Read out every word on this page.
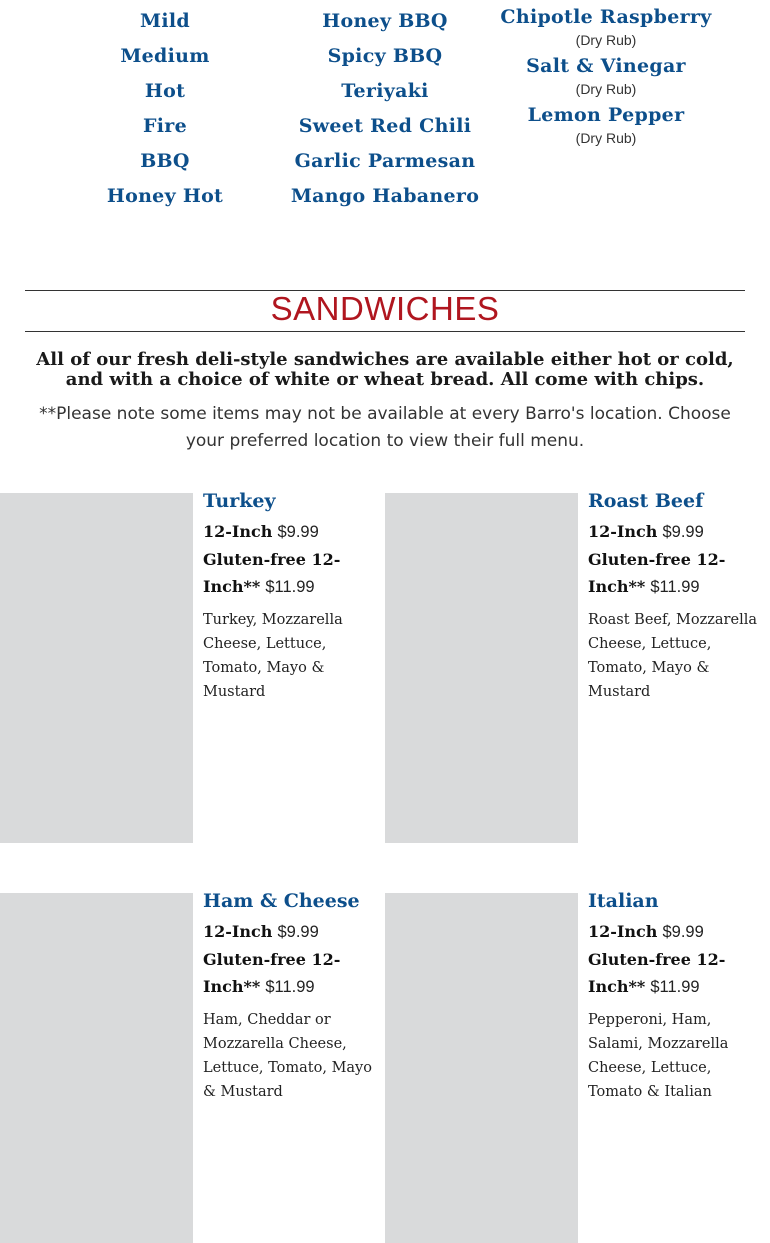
Mild
Medium
Hot
Fire
BBQ
Honey Hot
Honey BBQ
Spicy BBQ
Teriyaki
Sweet Red Chili
Garlic Parmesan
Mango Habanero
Chipotle Raspberry
(Dry Rub)
Salt & Vinegar
(Dry Rub)
Lemon Pepper
(Dry Rub)
SANDWICHES
All of our fresh deli-style sandwiches are available either hot or cold, and with a choice of white or wheat bread. All come with chips.
**Please note some items may not be available at every Barro's location. Choose your preferred location to view their full menu.
Turkey
12-Inch $9.99
Gluten-free 12-Inch** $11.99
Turkey, Mozzarella Cheese, Lettuce, Tomato, Mayo & Mustard
Roast Beef
12-Inch $9.99
Gluten-free 12-Inch** $11.99
Roast Beef, Mozzarella Cheese, Lettuce, Tomato, Mayo & Mustard
Ham & Cheese
12-Inch $9.99
Gluten-free 12-Inch** $11.99
Ham, Cheddar or Mozzarella Cheese, Lettuce, Tomato, Mayo & Mustard
Italian
12-Inch $9.99
Gluten-free 12-Inch** $11.99
Pepperoni, Ham, Salami, Mozzarella Cheese, Lettuce, Tomato & Italian
